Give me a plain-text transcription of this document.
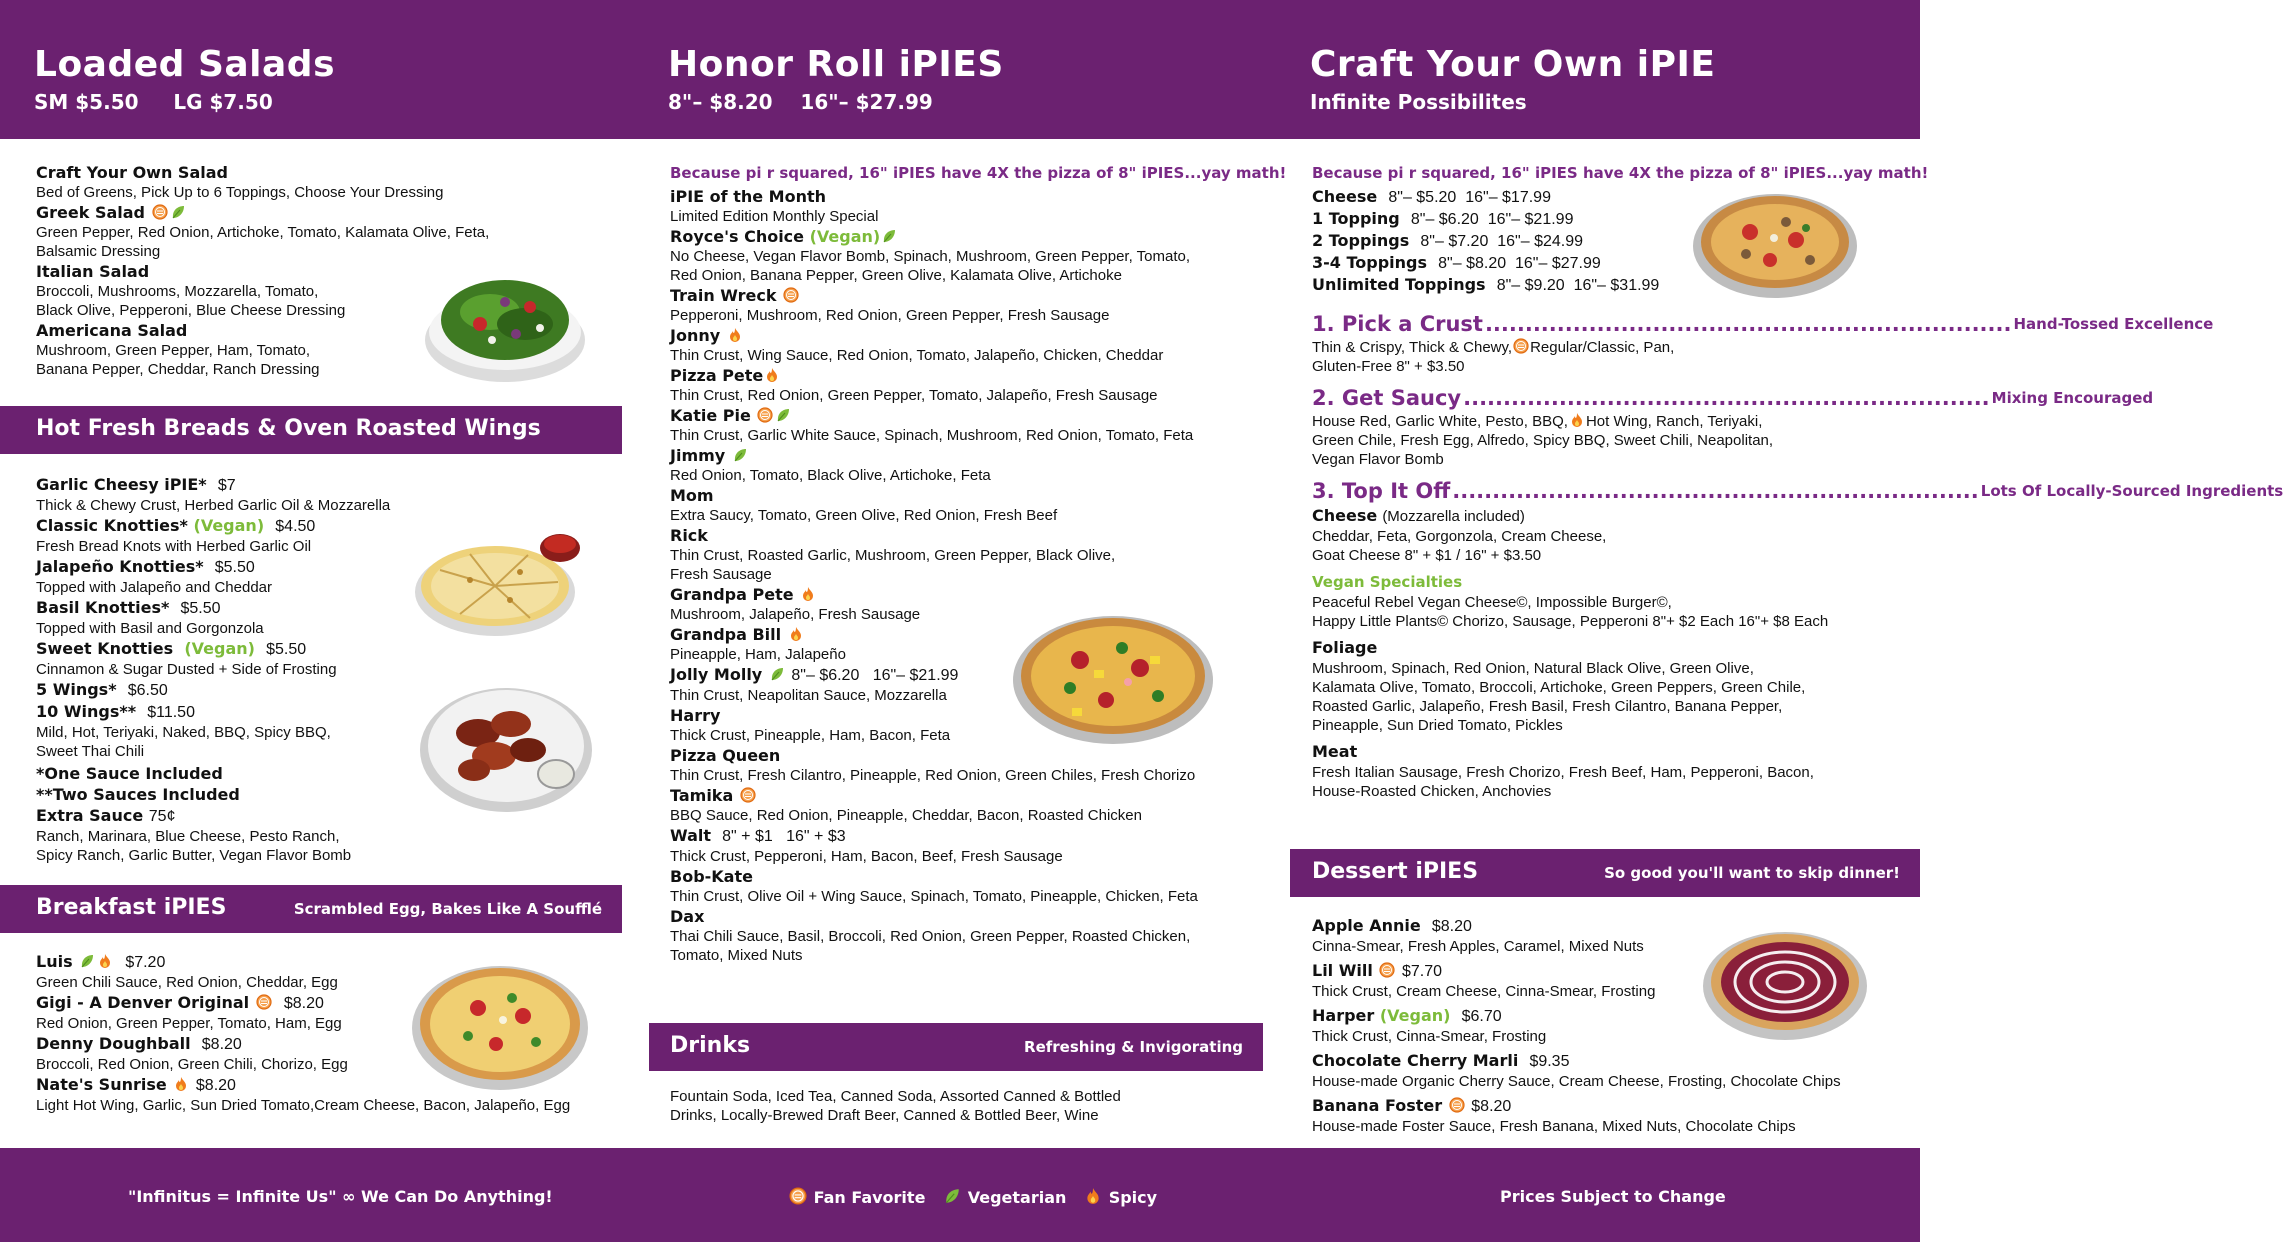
Loaded Salads
SM $5.50     LG $7.50
Honor Roll iPIES
8"– $8.20    16"– $27.99
Craft Your Own iPIE
Infinite Possibilites
Craft Your Own Salad
Bed of Greens, Pick Up to 6 Toppings, Choose Your Dressing
Greek Salad
Green Pepper, Red Onion, Artichoke, Tomato, Kalamata Olive, Feta,
Balsamic Dressing
Italian Salad
Broccoli, Mushrooms, Mozzarella, Tomato,
Black Olive, Pepperoni, Blue Cheese Dressing
Americana Salad
Mushroom, Green Pepper, Ham, Tomato,
Banana Pepper, Cheddar, Ranch Dressing
Hot Fresh Breads & Oven Roasted Wings
Garlic Cheesy iPIE* $7
Thick & Chewy Crust, Herbed Garlic Oil & Mozzarella
Classic Knotties* (Vegan) $4.50
Fresh Bread Knots with Herbed Garlic Oil
Jalapeño Knotties* $5.50
Topped with Jalapeño and Cheddar
Basil Knotties* $5.50
Topped with Basil and Gorgonzola
Sweet Knotties (Vegan) $5.50
Cinnamon & Sugar Dusted + Side of Frosting
5 Wings* $6.50
10 Wings** $11.50
Mild, Hot, Teriyaki, Naked, BBQ, Spicy BBQ,
Sweet Thai Chili
*One Sauce Included
**Two Sauces Included
Extra Sauce 75¢
Ranch, Marinara, Blue Cheese, Pesto Ranch,
Spicy Ranch, Garlic Butter, Vegan Flavor Bomb
Breakfast iPIES	Scrambled Egg, Bakes Like A Soufflé
Luis	$7.20
Green Chili Sauce, Red Onion, Cheddar, Egg
Gigi - A Denver Original $8.20
Red Onion, Green Pepper, Tomato, Ham, Egg
Denny Doughball $8.20
Broccoli, Red Onion, Green Chili, Chorizo, Egg
Nate's Sunrise $8.20
Light Hot Wing, Garlic, Sun Dried Tomato,Cream Cheese, Bacon, Jalapeño, Egg
Because pi r squared, 16" iPIES have 4X the pizza of 8" iPIES...yay math!
iPIE of the Month
Limited Edition Monthly Special
Royce's Choice (Vegan)
No Cheese, Vegan Flavor Bomb, Spinach, Mushroom, Green Pepper, Tomato,
Red Onion, Banana Pepper, Green Olive, Kalamata Olive, Artichoke
Train Wreck
Pepperoni, Mushroom, Red Onion, Green Pepper, Fresh Sausage
Jonny
Thin Crust, Wing Sauce, Red Onion, Tomato, Jalapeño, Chicken, Cheddar
Pizza Pete
Thin Crust, Red Onion, Green Pepper, Tomato, Jalapeño, Fresh Sausage
Katie Pie
Thin Crust, Garlic White Sauce, Spinach, Mushroom, Red Onion, Tomato, Feta
Jimmy
Red Onion, Tomato, Black Olive, Artichoke, Feta
Mom
Extra Saucy, Tomato, Green Olive, Red Onion, Fresh Beef
Rick
Thin Crust, Roasted Garlic, Mushroom, Green Pepper, Black Olive,
Fresh Sausage
Grandpa Pete
Mushroom, Jalapeño, Fresh Sausage
Grandpa Bill
Pineapple, Ham, Jalapeño
Jolly Molly 8"– $6.20   16"– $21.99
Thin Crust, Neapolitan Sauce, Mozzarella
Harry
Thick Crust, Pineapple, Ham, Bacon, Feta
Pizza Queen
Thin Crust, Fresh Cilantro, Pineapple, Red Onion, Green Chiles, Fresh Chorizo
Tamika
BBQ Sauce, Red Onion, Pineapple, Cheddar, Bacon, Roasted Chicken
Walt 8" + $1   16" + $3
Thick Crust, Pepperoni, Ham, Bacon, Beef, Fresh Sausage
Bob-Kate
Thin Crust, Olive Oil + Wing Sauce, Spinach, Tomato, Pineapple, Chicken, Feta
Dax
Thai Chili Sauce, Basil, Broccoli, Red Onion, Green Pepper, Roasted Chicken,
Tomato, Mixed Nuts
Drinks	Refreshing & Invigorating
Fountain Soda, Iced Tea, Canned Soda, Assorted Canned & Bottled
Drinks, Locally-Brewed Draft Beer, Canned & Bottled Beer, Wine
Because pi r squared, 16" iPIES have 4X the pizza of 8" iPIES...yay math!
Cheese 8"– $5.20  16"– $17.99
1 Topping 8"– $6.20  16"– $21.99
2 Toppings 8"– $7.20  16"– $24.99
3-4 Toppings 8"– $8.20  16"– $27.99
Unlimited Toppings 8"– $9.20  16"– $31.99
1. Pick a Crust .................................................................. Hand-Tossed Excellence
Thin & Crispy, Thick & Chewy, Regular/Classic, Pan,
Gluten-Free 8" + $3.50
2. Get Saucy .................................................................. Mixing Encouraged
House Red, Garlic White, Pesto, BBQ, Hot Wing, Ranch, Teriyaki,
Green Chile, Fresh Egg, Alfredo, Spicy BBQ, Sweet Chili, Neapolitan,
Vegan Flavor Bomb
3. Top It Off .................................................................. Lots Of Locally-Sourced Ingredients
Cheese (Mozzarella included)
Cheddar, Feta, Gorgonzola, Cream Cheese,
Goat Cheese 8" + $1 / 16" + $3.50
Vegan Specialties
Peaceful Rebel Vegan Cheese©, Impossible Burger©,
Happy Little Plants© Chorizo, Sausage, Pepperoni 8"+ $2 Each 16"+ $8 Each
Foliage
Mushroom, Spinach, Red Onion, Natural Black Olive, Green Olive,
Kalamata Olive, Tomato, Broccoli, Artichoke, Green Peppers, Green Chile,
Roasted Garlic, Jalapeño, Fresh Basil, Fresh Cilantro, Banana Pepper,
Pineapple, Sun Dried Tomato, Pickles
Meat
Fresh Italian Sausage, Fresh Chorizo, Fresh Beef, Ham, Pepperoni, Bacon,
House-Roasted Chicken, Anchovies
Dessert iPIES	So good you'll want to skip dinner!
Apple Annie $8.20
Cinna-Smear, Fresh Apples, Caramel, Mixed Nuts
Lil Will $7.70
Thick Crust, Cream Cheese, Cinna-Smear, Frosting
Harper (Vegan) $6.70
Thick Crust, Cinna-Smear, Frosting
Chocolate Cherry Marli $9.35
House-made Organic Cherry Sauce, Cream Cheese, Frosting, Chocolate Chips
Banana Foster $8.20
House-made Foster Sauce, Fresh Banana, Mixed Nuts, Chocolate Chips
"Infinitus = Infinite Us" ∞ We Can Do Anything!	Fan Favorite	Vegetarian	Spicy	Prices Subject to Change
